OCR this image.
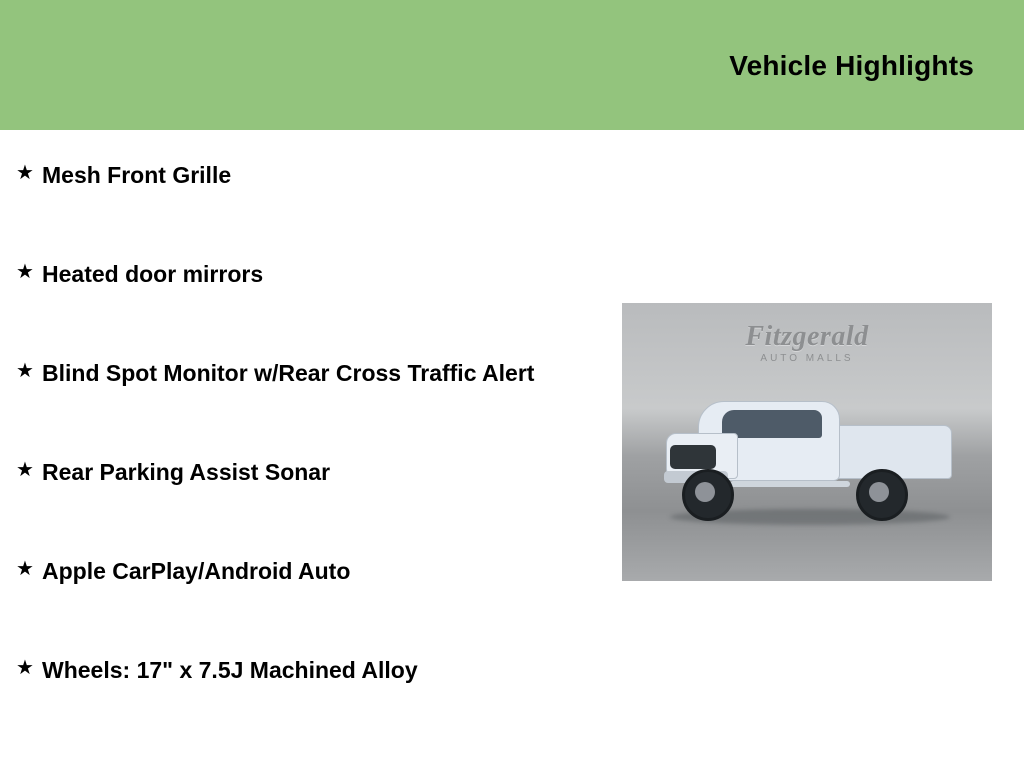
Vehicle Highlights
★ Mesh Front Grille
★ Heated door mirrors
★ Blind Spot Monitor w/Rear Cross Traffic Alert
★ Rear Parking Assist Sonar
★ Apple CarPlay/Android Auto
★ Wheels: 17" x 7.5J Machined Alloy
Fitzgerald
AUTO MALLS
